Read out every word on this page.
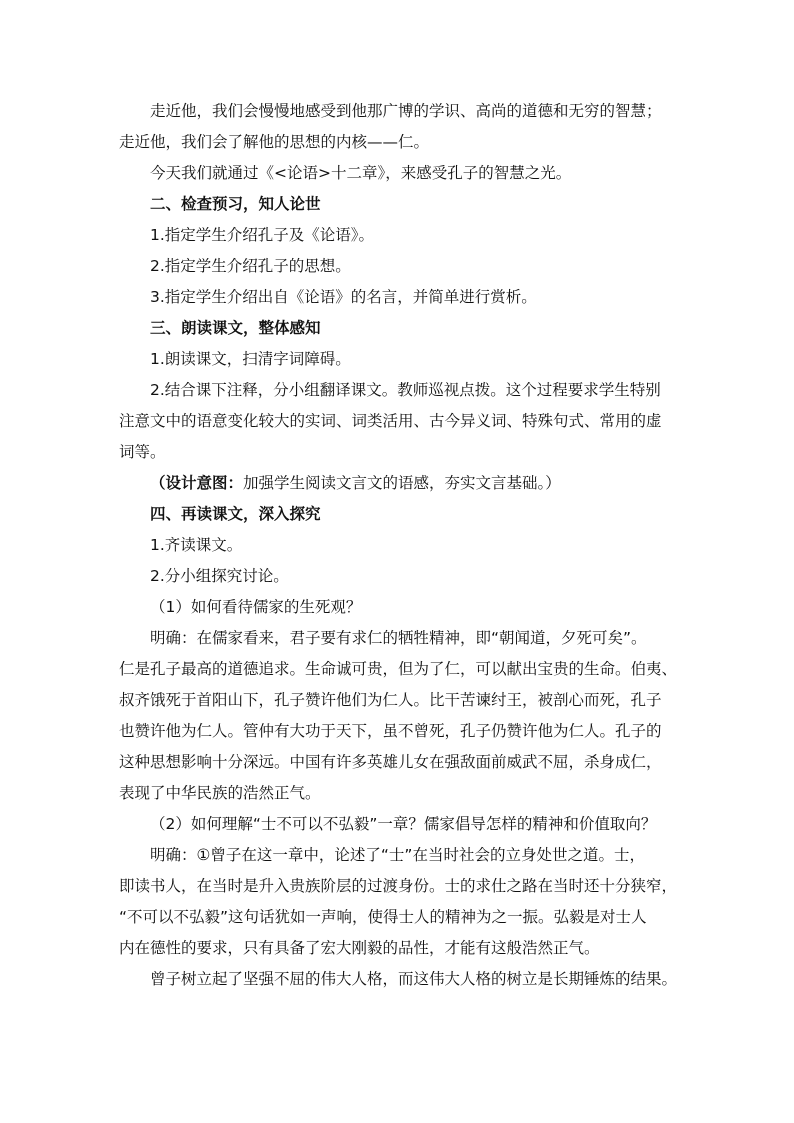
走近他，我们会慢慢地感受到他那广博的学识、高尚的道德和无穷的智慧；
走近他，我们会了解他的思想的内核——仁。
今天我们就通过《<论语>十二章》，来感受孔子的智慧之光。
二、检查预习，知人论世
1.指定学生介绍孔子及《论语》。
2.指定学生介绍孔子的思想。
3.指定学生介绍出自《论语》的名言，并简单进行赏析。
三、朗读课文，整体感知
1.朗读课文，扫清字词障碍。
2.结合课下注释，分小组翻译课文。教师巡视点拨。这个过程要求学生特别
注意文中的语意变化较大的实词、词类活用、古今异义词、特殊句式、常用的虚
词等。
（设计意图：加强学生阅读文言文的语感，夯实文言基础。）
四、再读课文，深入探究
1.齐读课文。
2.分小组探究讨论。
（1）如何看待儒家的生死观？
明确：在儒家看来，君子要有求仁的牺牲精神，即“朝闻道，夕死可矣”。
仁是孔子最高的道德追求。生命诚可贵，但为了仁，可以献出宝贵的生命。伯夷、
叔齐饿死于首阳山下，孔子赞许他们为仁人。比干苦谏纣王，被剖心而死，孔子
也赞许他为仁人。管仲有大功于天下，虽不曾死，孔子仍赞许他为仁人。孔子的
这种思想影响十分深远。中国有许多英雄儿女在强敌面前威武不屈，杀身成仁，
表现了中华民族的浩然正气。
（2）如何理解“士不可以不弘毅”一章？儒家倡导怎样的精神和价值取向？
明确：①曾子在这一章中，论述了“士”在当时社会的立身处世之道。士，
即读书人，在当时是升入贵族阶层的过渡身份。士的求仕之路在当时还十分狭窄，
“不可以不弘毅”这句话犹如一声响，使得士人的精神为之一振。弘毅是对士人
内在德性的要求，只有具备了宏大刚毅的品性，才能有这般浩然正气。
曾子树立起了坚强不屈的伟大人格，而这伟大人格的树立是长期锤炼的结果。
